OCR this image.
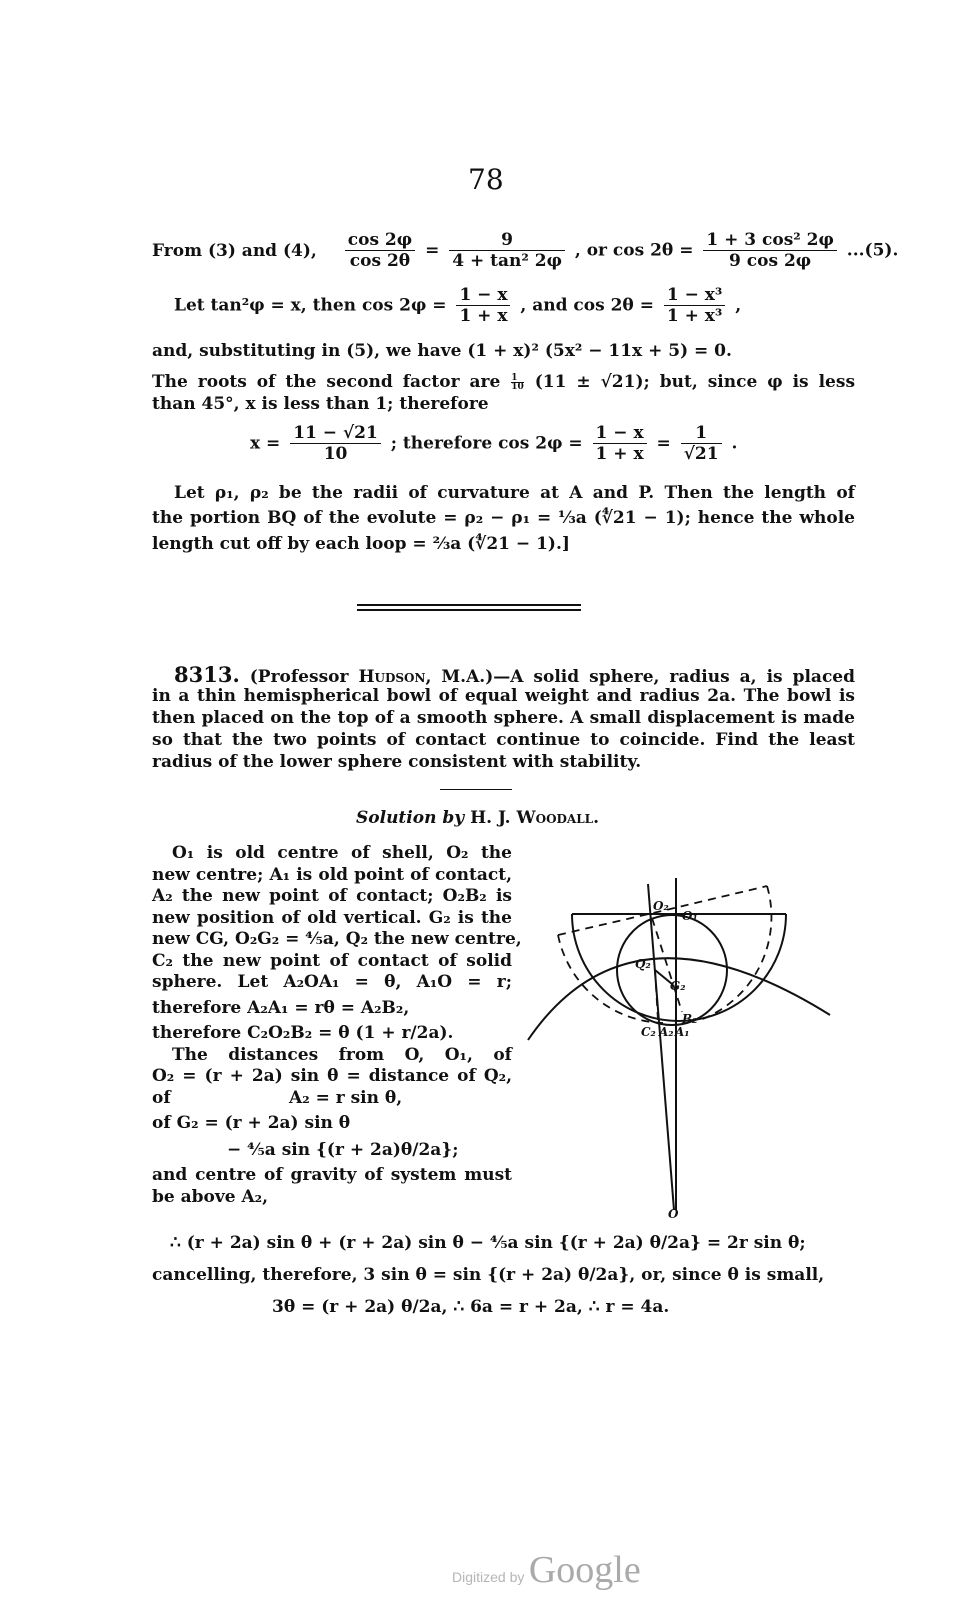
78
From (3) and (4), $\frac{\cos 2\varphi}{\cos 2\theta} = \frac{9}{\text{4 + tan² 2φ}}$ , or $\cos 2\theta = \frac{\text{1 + 3 cos² 2φ}}{9 \cos 2\varphi} ...(5)$.
Let tan²φ = x, then $\cos 2\varphi = \frac{1 - x}{1 + x}$ , and $\cos 2\theta = \frac{\text{1 − x³}}{\text{1 + x³}}$ ,
and, substituting in (5), we have (1 + x)² (5x² − 11x + 5) = 0.
The roots of the second factor are $\frac{1}{10} (11 \pm √21)$; but, since φ is less
than 45°, x is less than 1; therefore
$x = \frac{11 - √21}{10}$ ; therefore $\cos 2\varphi = \frac{1 - x}{1 + x} = \frac{1}{√21}$ .
Let ρ₁, ρ₂ be the radii of curvature at A and P. Then the length of
the portion BQ of the evolute = ρ₂ − ρ₁ = ⅓a (∜21 − 1); hence the whole
length cut off by each loop = ⅔a (∜21 − 1).]
8313. (Professor Hudson, M.A.)—A solid sphere, radius a, is placed
in a thin hemispherical bowl of equal weight and radius 2a. The bowl is
then placed on the top of a smooth sphere. A small displacement is made
so that the two points of contact continue to coincide. Find the least
radius of the lower sphere consistent with stability.
Solution by H. J. Woodall.
O₁ is old centre of shell, O₂ the
new centre; A₁ is old point of contact,
A₂ the new point of contact; O₂B₂ is
new position of old vertical. G₂ is the
new CG, O₂G₂ = ⅘a, Q₂ the new centre,
C₂ the new point of contact of solid
sphere. Let A₂OA₁ = θ, A₁O = r;
therefore A₂A₁ = rθ = A₂B₂,
therefore C₂O₂B₂ = θ (1 + r/2a).
The distances from O, O₁, of
O₂ = (r + 2a) sin θ = distance of Q₂,
of                    A₂ = r sin θ,
of G₂ = (r + 2a) sin θ
− ⅘a sin {(r + 2a)θ/2a};
and centre of gravity of system must
be above A₂,
O₂
O₁
Q₂
G₂
B₂
C₂ A₂ A₁
O
∴ (r + 2a) sin θ + (r + 2a) sin θ − ⅘a sin {(r + 2a) θ/2a} = 2r sin θ;
cancelling, therefore, 3 sin θ = sin {(r + 2a) θ/2a}, or, since θ is small,
3θ = (r + 2a) θ/2a, ∴ 6a = r + 2a, ∴ r = 4a.
Digitized by Google
